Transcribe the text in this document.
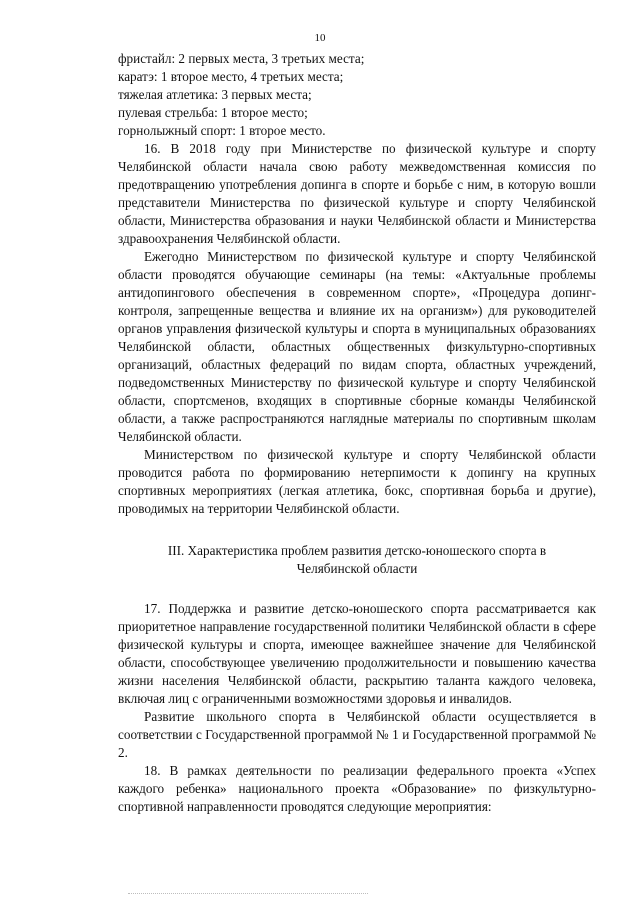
10

фристайл: 2 первых места, 3 третьих места;

каратэ: 1 второе место, 4 третьих места;

тяжелая атлетика: 3 первых места;

пулевая стрельба: 1 второе место;

горнолыжный спорт: 1 второе место.

16. В 2018 году при Министерстве по физической культуре и спорту Челябинской области начала свою работу межведомственная комиссия по предотвращению употребления допинга в спорте и борьбе с ним, в которую вошли представители Министерства по физической культуре и спорту Челябинской области, Министерства образования и науки Челябинской области и Министерства здравоохранения Челябинской области.

Ежегодно Министерством по физической культуре и спорту Челябинской области проводятся обучающие семинары (на темы: «Актуальные проблемы антидопингового обеспечения в современном спорте», «Процедура допинг-контроля, запрещенные вещества и влияние их на организм») для руководителей органов управления физической культуры и спорта в муниципальных образованиях Челябинской области, областных общественных физкультурно-спортивных организаций, областных федераций по видам спорта, областных учреждений, подведомственных Министерству по физической культуре и спорту Челябинской области, спортсменов, входящих в спортивные сборные команды Челябинской области, а также распространяются наглядные материалы по спортивным школам Челябинской области.

Министерством по физической культуре и спорту Челябинской области проводится работа по формированию нетерпимости к допингу на крупных спортивных мероприятиях (легкая атлетика, бокс, спортивная борьба и другие), проводимых на территории Челябинской области.

III. Характеристика проблем развития детско-юношеского спорта в
Челябинской области

17. Поддержка и развитие детско-юношеского спорта рассматривается как приоритетное направление государственной политики Челябинской области в сфере физической культуры и спорта, имеющее важнейшее значение для Челябинской области, способствующее увеличению продолжительности и повышению качества жизни населения Челябинской области, раскрытию таланта каждого человека, включая лиц с ограниченными возможностями здоровья и инвалидов.

Развитие школьного спорта в Челябинской области осуществляется в соответствии с Государственной программой № 1 и Государственной программой № 2.

18. В рамках деятельности по реализации федерального проекта «Успех каждого ребенка» национального проекта «Образование» по физкультурно-спортивной направленности проводятся следующие мероприятия:
